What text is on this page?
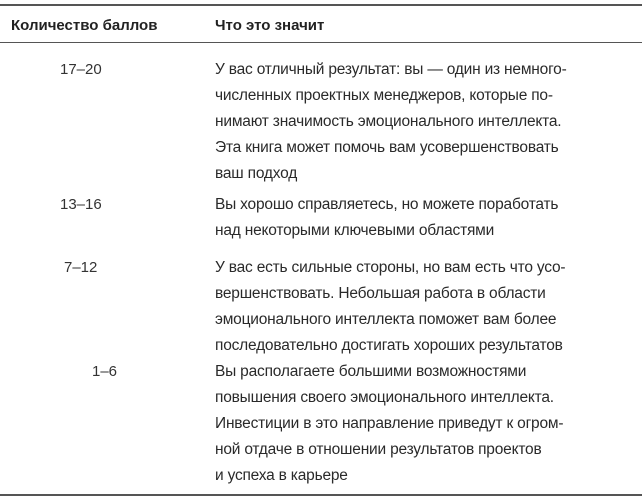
Количество баллов	Что это значит
17–20	У вас отличный результат: вы — один из немного-
численных проектных менеджеров, которые по-
нимают значимость эмоционального интеллекта.
Эта книга может помочь вам усовершенствовать
ваш подход
13–16	Вы хорошо справляетесь, но можете поработать
над некоторыми ключевыми областями
7–12	У вас есть сильные стороны, но вам есть что усо-
вершенствовать. Небольшая работа в области
эмоционального интеллекта поможет вам более
последовательно достигать хороших результатов
1–6	Вы располагаете большими возможностями
повышения своего эмоционального интеллекта.
Инвестиции в это направление приведут к огром-
ной отдаче в отношении результатов проектов
и успеха в карьере
